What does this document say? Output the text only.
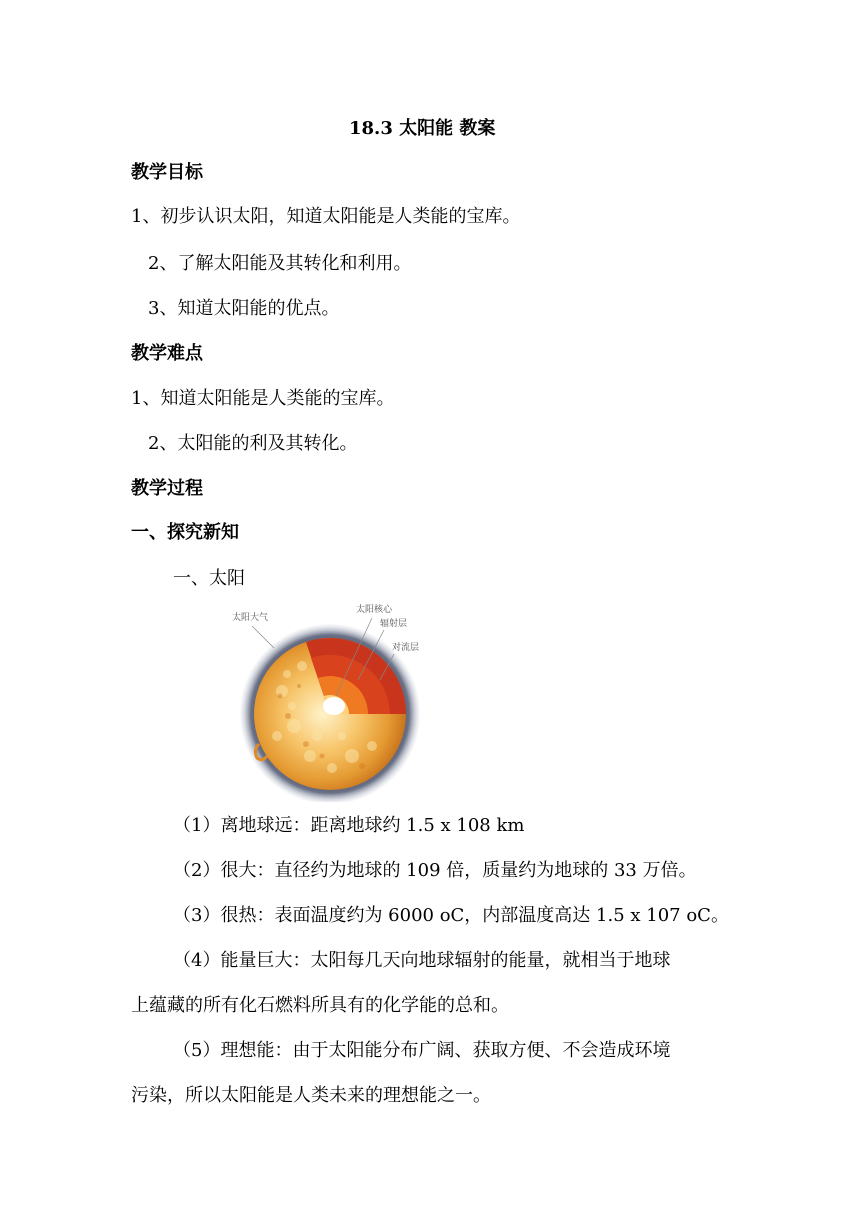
18.3 太阳能 教案
教学目标
1、初步认识太阳，知道太阳能是人类能的宝库。
2、了解太阳能及其转化和利用。
3、知道太阳能的优点。
教学难点
1、知道太阳能是人类能的宝库。
2、太阳能的利及其转化。
教学过程
一、探究新知
一、太阳
太阳大气
太阳核心
辐射层
对流层
（1）离地球远：距离地球约 1.5 x 108 km
（2）很大：直径约为地球的 109 倍，质量约为地球的 33 万倍。
（3）很热：表面温度约为 6000 oC，内部温度高达 1.5 x 107 oC。
（4）能量巨大：太阳每几天向地球辐射的能量，就相当于地球
上蕴藏的所有化石燃料所具有的化学能的总和。
（5）理想能：由于太阳能分布广阔、获取方便、不会造成环境
污染，所以太阳能是人类未来的理想能之一。
